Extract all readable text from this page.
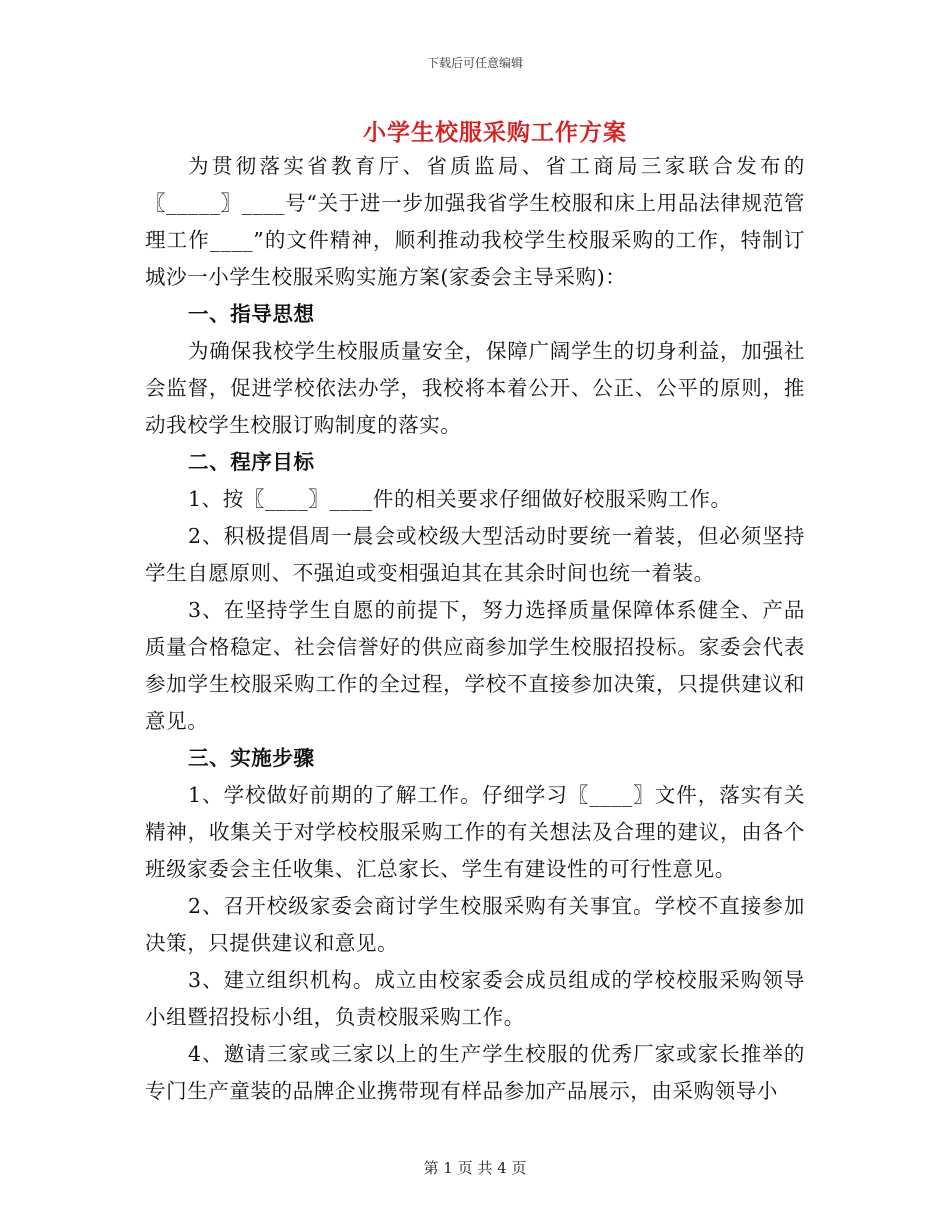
下载后可任意编辑
小学生校服采购工作方案

为贯彻落实省教育厅、省质监局、省工商局三家联合发布的〖_____〗____号“关于进一步加强我省学生校服和床上用品法律规范管理工作____”的文件精神，顺利推动我校学生校服采购的工作，特制订城沙一小学生校服采购实施方案(家委会主导采购)：

一、指导思想

为确保我校学生校服质量安全，保障广阔学生的切身利益，加强社会监督，促进学校依法办学，我校将本着公开、公正、公平的原则，推动我校学生校服订购制度的落实。

二、程序目标

1、按〖____〗____件的相关要求仔细做好校服采购工作。

2、积极提倡周一晨会或校级大型活动时要统一着装，但必须坚持学生自愿原则、不强迫或变相强迫其在其余时间也统一着装。

3、在坚持学生自愿的前提下，努力选择质量保障体系健全、产品质量合格稳定、社会信誉好的供应商参加学生校服招投标。家委会代表参加学生校服采购工作的全过程，学校不直接参加决策，只提供建议和意见。

三、实施步骤

1、学校做好前期的了解工作。仔细学习〖____〗文件，落实有关精神，收集关于对学校校服采购工作的有关想法及合理的建议，由各个班级家委会主任收集、汇总家长、学生有建设性的可行性意见。

2、召开校级家委会商讨学生校服采购有关事宜。学校不直接参加决策，只提供建议和意见。

3、建立组织机构。成立由校家委会成员组成的学校校服采购领导小组暨招投标小组，负责校服采购工作。

4、邀请三家或三家以上的生产学生校服的优秀厂家或家长推举的专门生产童装的品牌企业携带现有样品参加产品展示，由采购领导小

第 1 页 共 4 页
